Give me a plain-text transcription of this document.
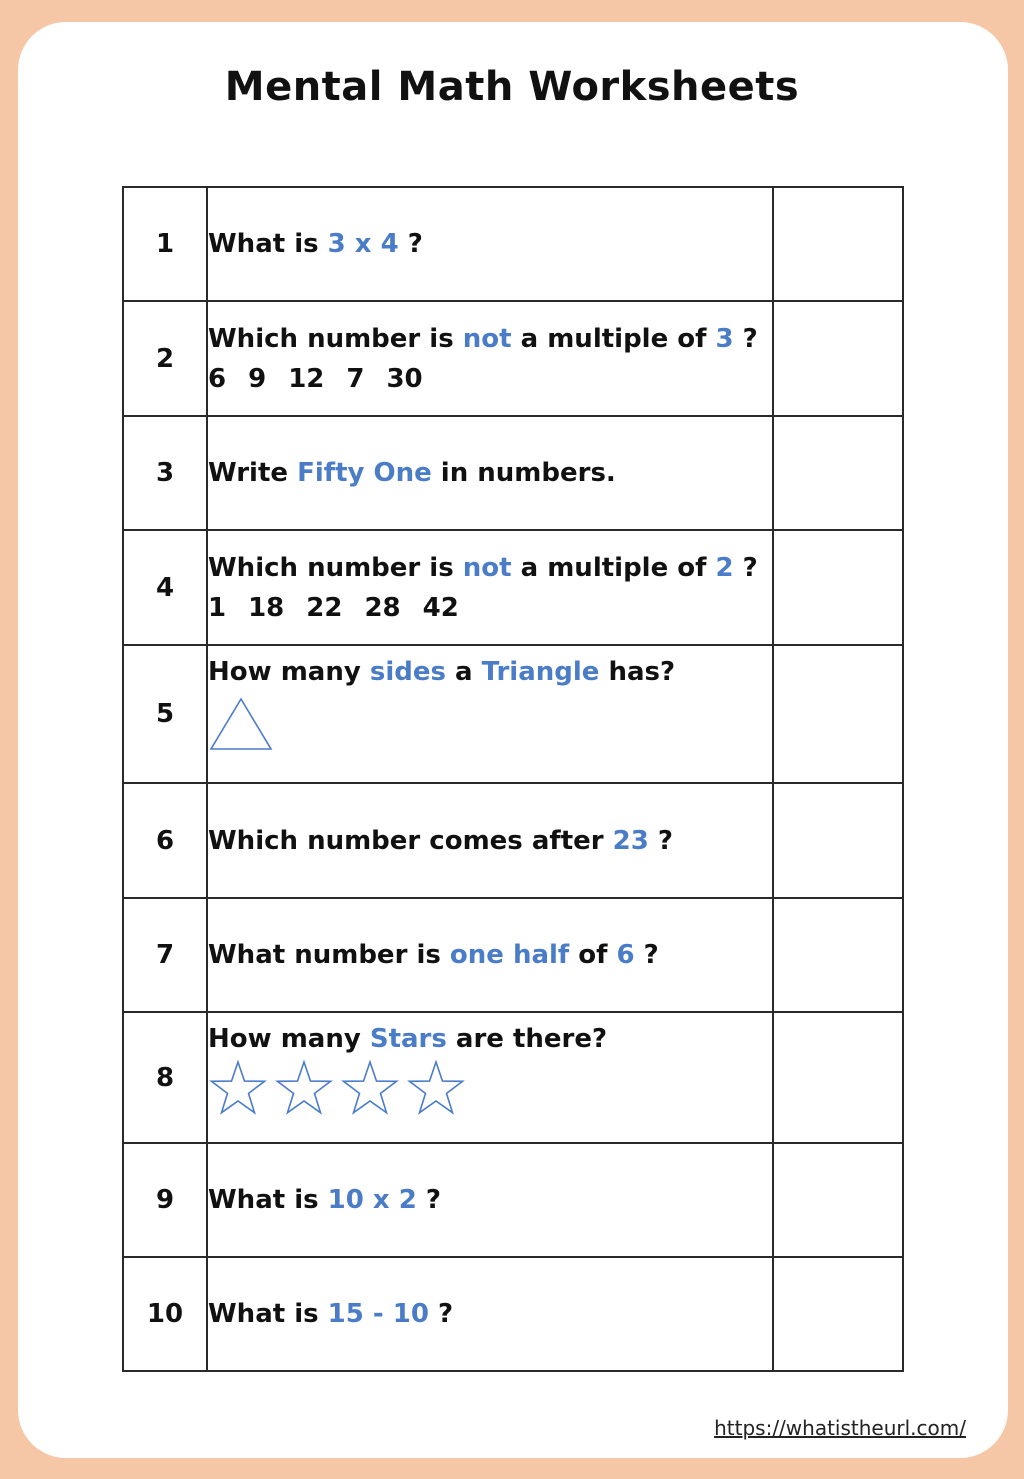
Mental Math Worksheets
1	What is 3 x 4 ?	

2	Which number is not a multiple of 3 ?
6 9 12 7 30	

3	Write Fifty One in numbers.	

4	Which number is not a multiple of 2 ?
1 18 22 28 42	

5	How many sides a Triangle has?	

6	Which number comes after 23 ?	

7	What number is one half of 6 ?	

8	How many Stars are there?	

9	What is 10 x 2 ?	

10	What is 15 - 10 ?	

https://whatistheurl.com/
